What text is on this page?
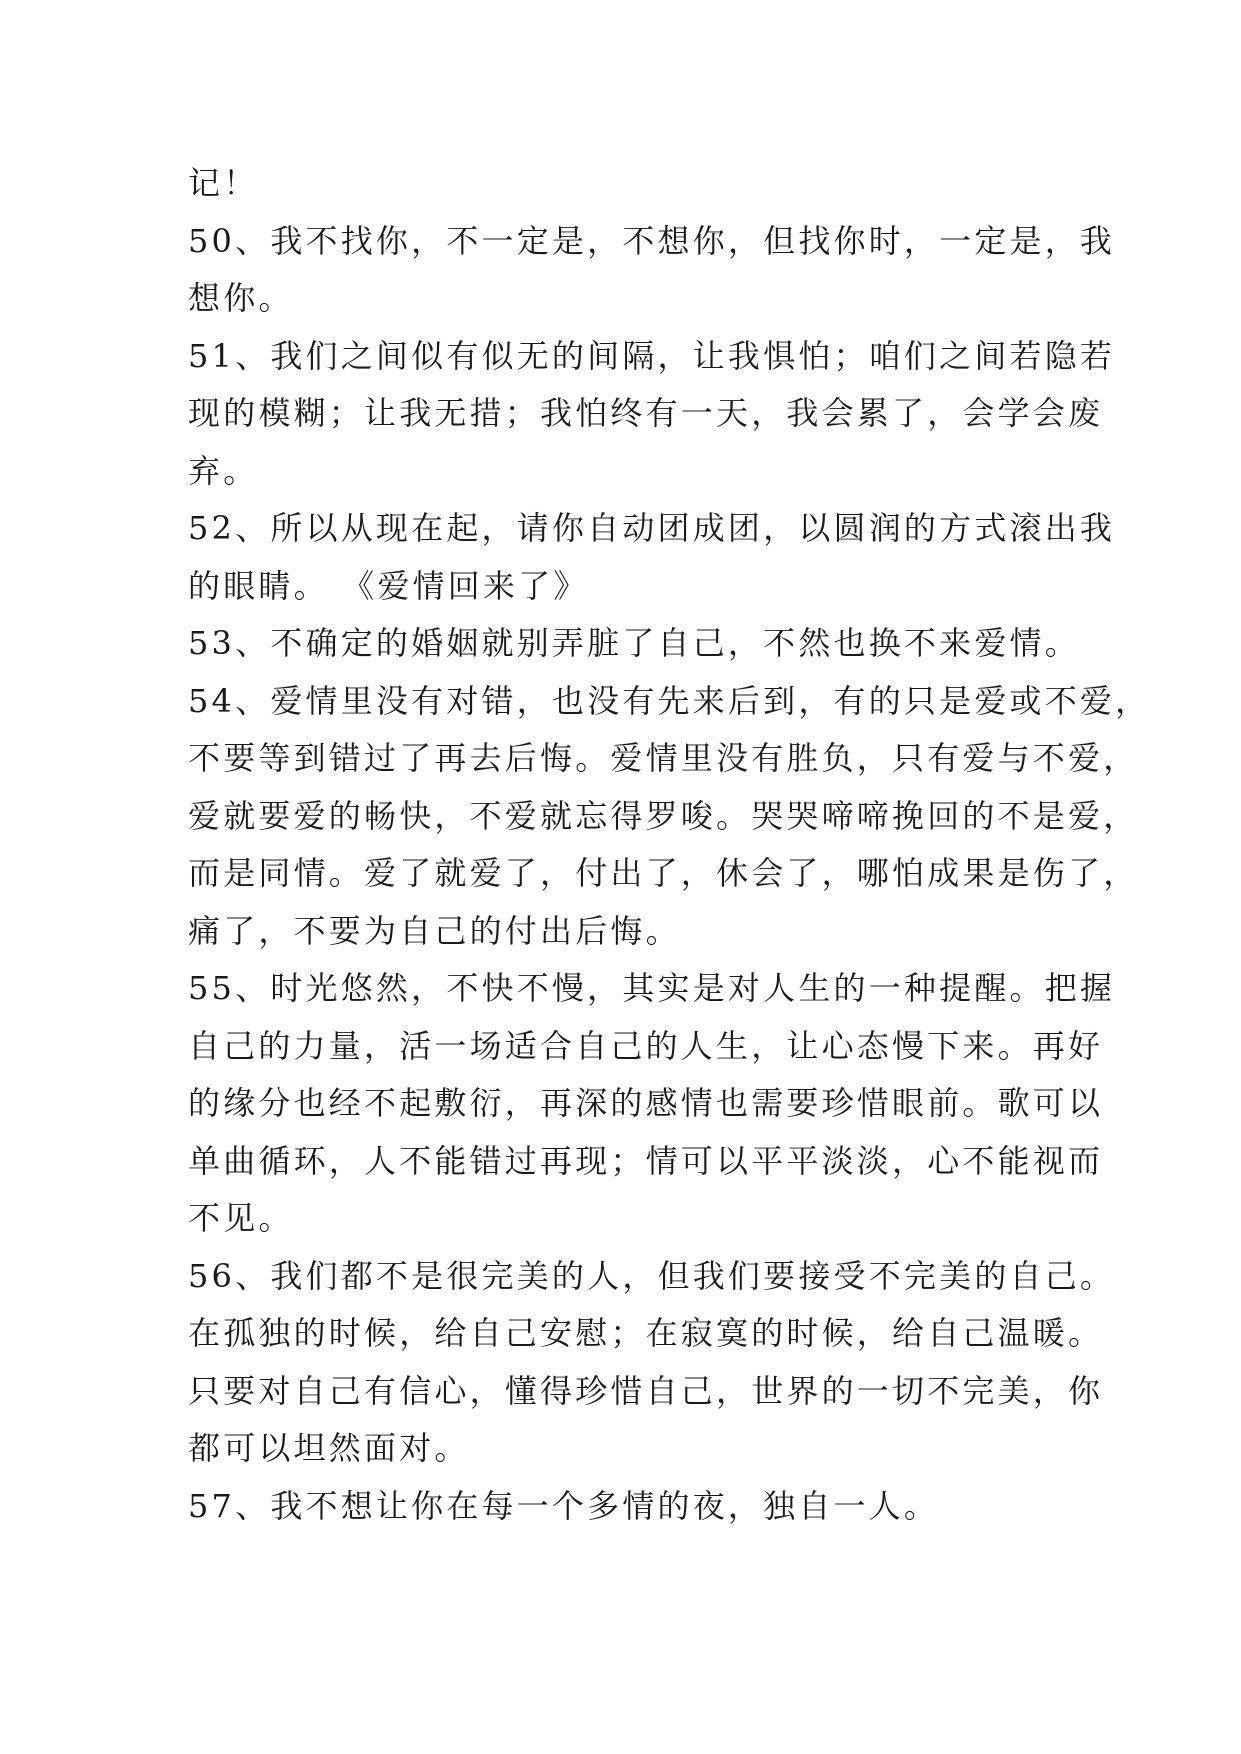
记！
50、我不找你，不一定是，不想你，但找你时，一定是，我
想你。
51、我们之间似有似无的间隔，让我惧怕；咱们之间若隐若
现的模糊；让我无措；我怕终有一天，我会累了，会学会废
弃。
52、所以从现在起，请你自动团成团，以圆润的方式滚出我
的眼睛。 《爱情回来了》
53、不确定的婚姻就别弄脏了自己，不然也换不来爱情。
54、爱情里没有对错，也没有先来后到，有的只是爱或不爱，
不要等到错过了再去后悔。爱情里没有胜负，只有爱与不爱，
爱就要爱的畅快，不爱就忘得罗唆。哭哭啼啼挽回的不是爱，
而是同情。爱了就爱了，付出了，休会了，哪怕成果是伤了，
痛了，不要为自己的付出后悔。
55、时光悠然，不快不慢，其实是对人生的一种提醒。把握
自己的力量，活一场适合自己的人生，让心态慢下来。再好
的缘分也经不起敷衍，再深的感情也需要珍惜眼前。歌可以
单曲循环，人不能错过再现；情可以平平淡淡，心不能视而
不见。
56、我们都不是很完美的人，但我们要接受不完美的自己。
在孤独的时候，给自己安慰；在寂寞的时候，给自己温暖。
只要对自己有信心，懂得珍惜自己，世界的一切不完美，你
都可以坦然面对。
57、我不想让你在每一个多情的夜，独自一人。
